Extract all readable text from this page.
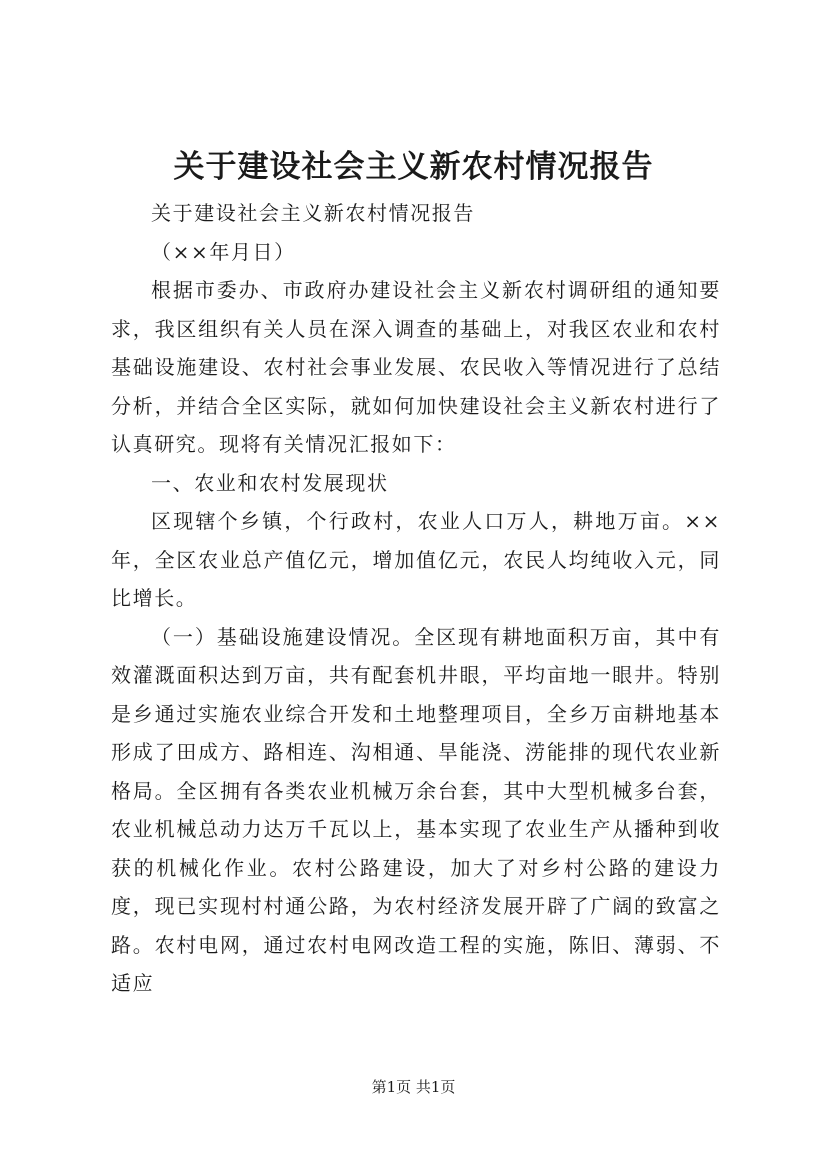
关于建设社会主义新农村情况报告

关于建设社会主义新农村情况报告

（××年月日）

根据市委办、市政府办建设社会主义新农村调研组的通知要求，我区组织有关人员在深入调查的基础上，对我区农业和农村基础设施建设、农村社会事业发展、农民收入等情况进行了总结分析，并结合全区实际，就如何加快建设社会主义新农村进行了认真研究。现将有关情况汇报如下：

一、农业和农村发展现状

区现辖个乡镇，个行政村，农业人口万人，耕地万亩。××年，全区农业总产值亿元，增加值亿元，农民人均纯收入元，同比增长。

（一）基础设施建设情况。全区现有耕地面积万亩，其中有效灌溉面积达到万亩，共有配套机井眼，平均亩地一眼井。特别是乡通过实施农业综合开发和土地整理项目，全乡万亩耕地基本形成了田成方、路相连、沟相通、旱能浇、涝能排的现代农业新格局。全区拥有各类农业机械万余台套，其中大型机械多台套，农业机械总动力达万千瓦以上，基本实现了农业生产从播种到收获的机械化作业。农村公路建设，加大了对乡村公路的建设力度，现已实现村村通公路，为农村经济发展开辟了广阔的致富之路。农村电网，通过农村电网改造工程的实施，陈旧、薄弱、不适应

第1页 共1页
